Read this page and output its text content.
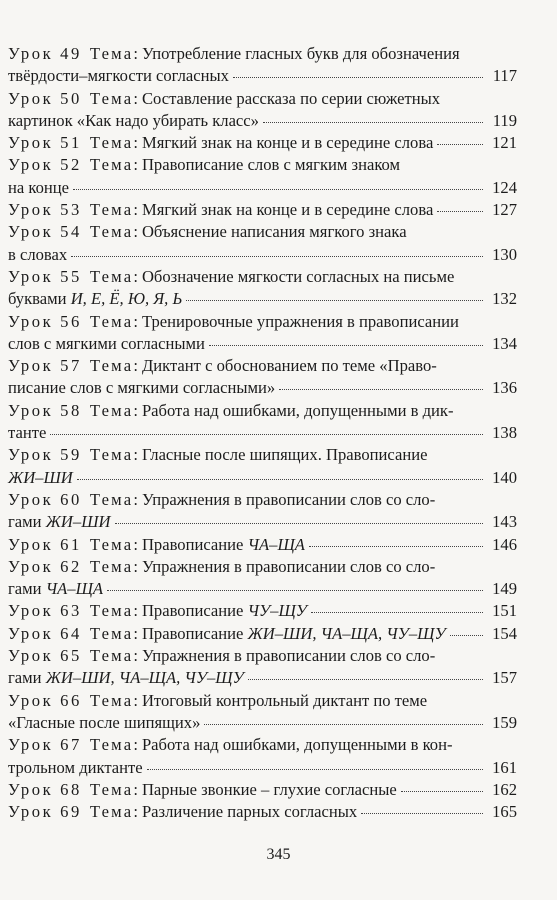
Урок 49 Тема : Употребление гласных букв для обозначения
твёрдости–мягкости согласных	117
Урок 50 Тема : Составление рассказа по серии сюжетных
картинок «Как надо убирать класс»	119
Урок 51 Тема : Мягкий знак на конце и в середине слова	121
Урок 52 Тема : Правописание слов с мягким знаком
на конце	124
Урок 53 Тема : Мягкий знак на конце и в середине слова	127
Урок 54 Тема : Объяснение написания мягкого знака
в словах	130
Урок 55 Тема : Обозначение мягкости согласных на письме
буквами
И, Е, Ё, Ю, Я, Ь	132
Урок 56 Тема : Тренировочные упражнения в правописании
слов с мягкими согласными	134
Урок 57 Тема : Диктант с обоснованием по теме «Право-
писание слов с мягкими согласными»	136
Урок 58 Тема : Работа над ошибками, допущенными в дик-
танте	138
Урок 59 Тема : Гласные после шипящих. Правописание
ЖИ–ШИ	140
Урок 60 Тема : Упражнения в правописании слов со сло-
гами
ЖИ–ШИ	143
Урок 61 Тема : Правописание
ЧА–ЩА	146
Урок 62 Тема : Упражнения в правописании слов со сло-
гами
ЧА–ЩА	149
Урок 63 Тема : Правописание
ЧУ–ЩУ	151
Урок 64 Тема : Правописание
ЖИ–ШИ, ЧА–ЩА, ЧУ–ЩУ	154
Урок 65 Тема : Упражнения в правописании слов со сло-
гами
ЖИ–ШИ, ЧА–ЩА, ЧУ–ЩУ	157
Урок 66 Тема : Итоговый контрольный диктант по теме
«Гласные после шипящих»	159
Урок 67 Тема : Работа над ошибками, допущенными в кон-
трольном диктанте	161
Урок 68 Тема : Парные звонкие – глухие согласные	162
Урок 69 Тема : Различение парных согласных	165
345
